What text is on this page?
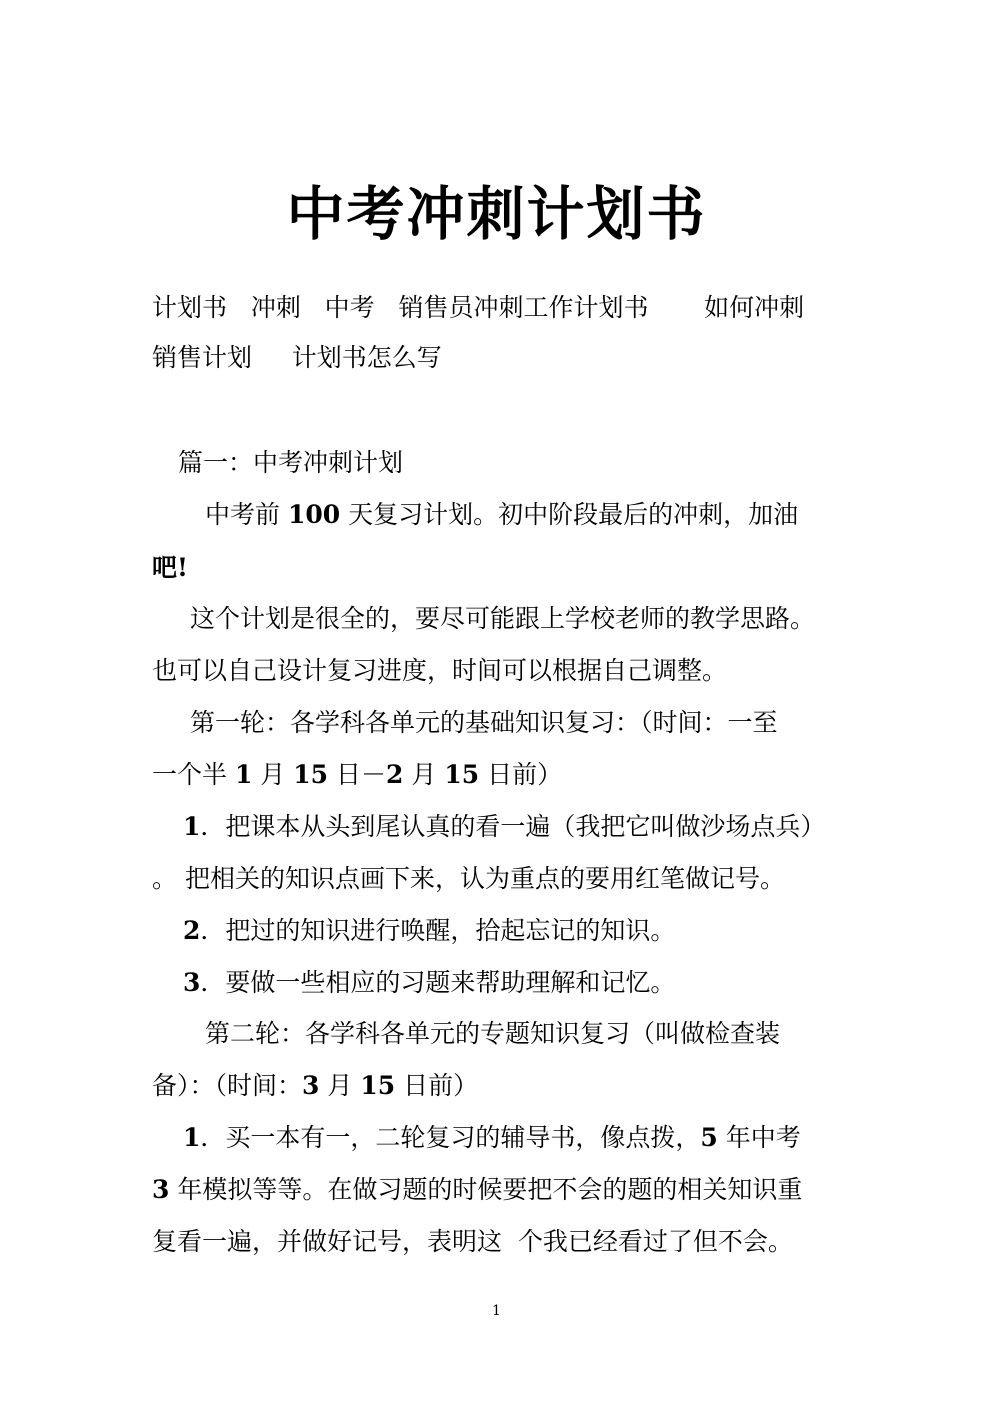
中考冲刺计划书
计划书   冲刺   中考   销售员冲刺工作计划书       如何冲刺
销售计划     计划书怎么写
篇一：中考冲刺计划
中考前 100 天复习计划。初中阶段最后的冲刺，加油
吧!
这个计划是很全的，要尽可能跟上学校老师的教学思路。
也可以自己设计复习进度，时间可以根据自己调整。
第一轮：各学科各单元的基础知识复习：（时间：一至
一个半 1 月 15 日－2 月 15 日前）
1．把课本从头到尾认真的看一遍（我把它叫做沙场点兵）
。 把相关的知识点画下来，认为重点的要用红笔做记号。
2．把过的知识进行唤醒，拾起忘记的知识。
3．要做一些相应的习题来帮助理解和记忆。
第二轮：各学科各单元的专题知识复习（叫做检查装
备）：（时间：3 月 15 日前）
1．买一本有一，二轮复习的辅导书，像点拨，5 年中考
3 年模拟等等。在做习题的时候要把不会的题的相关知识重
复看一遍，并做好记号，表明这  个我已经看过了但不会。
1
